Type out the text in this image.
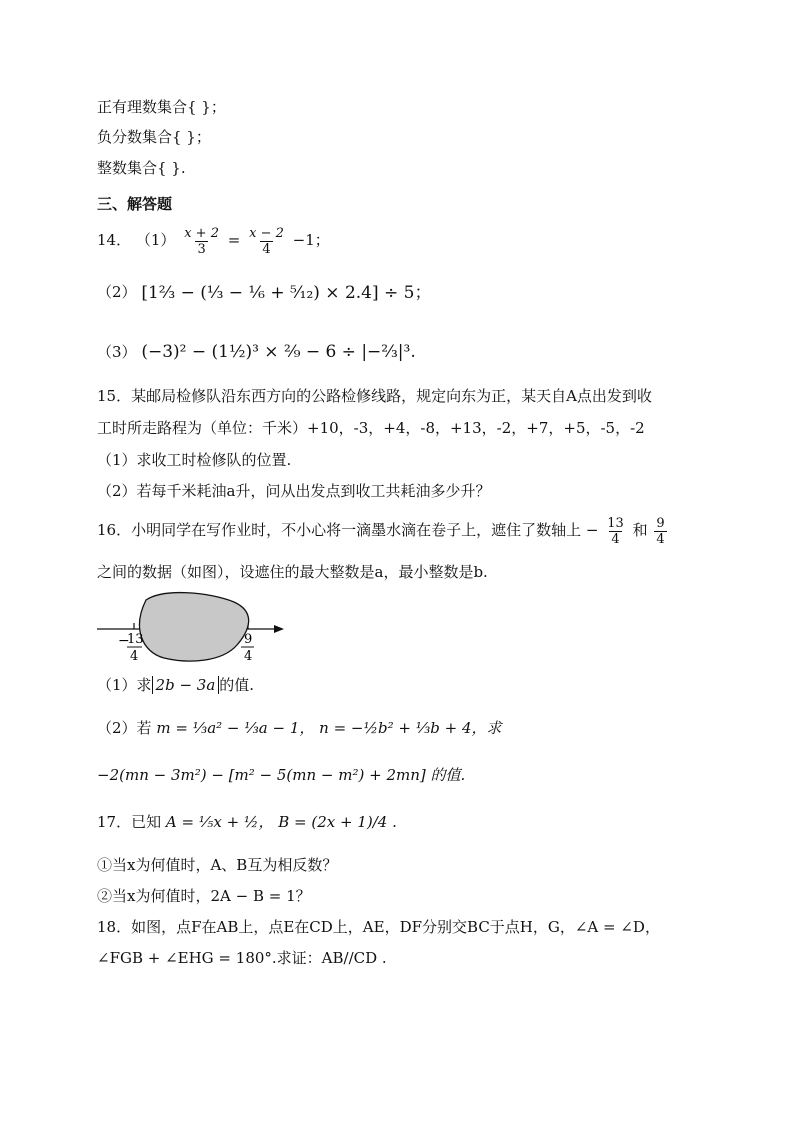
正有理数集合{ }；
负分数集合{ }；
整数集合{ }.
三、解答题
14． $(1) \frac{x + 2}{3} = \frac{x - 2}{4} -1$；
（2） [1²⁄₃ − (¹⁄₃ − ¹⁄₆ + ⁵⁄₁₂) × 2.4] ÷ 5；
（3） (−3)² − (1½)³ × ²⁄₉ − 6 ÷ |−²⁄₃|³.
15．某邮局检修队沿东西方向的公路检修线路，规定向东为正，某天自A点出发到收
工时所走路程为（单位：千米）+10，-3，+4，-8，+13，-2，+7，+5，-5，-2
（1）求收工时检修队的位置.
（2）若每千米耗油a升，问从出发点到收工共耗油多少升？
16．小明同学在写作业时，不小心将一滴墨水滴在卷子上，遮住了数轴上 − $\frac{13}{4}$ 和 $\frac{9}{4}$
之间的数据（如图），设遮住的最大整数是a，最小整数是b.
−
13
4
9
4
（1）求 2b − 3a 的值.
（2）若 m = ⅓a² − ⅓a − 1， n = −½b² + ⅓b + 4，求
−2(mn − 3m²) − [m² − 5(mn − m²) + 2mn] 的值.
17．已知 A = ⅕x + ½， B = (2x + 1)/4 .
①当x为何值时，A、B互为相反数？
②当x为何值时，2A − B = 1？
18．如图，点F在AB上，点E在CD上，AE，DF分别交BC于点H，G，∠A = ∠D，
∠FGB + ∠EHG = 180°.求证：AB//CD .
